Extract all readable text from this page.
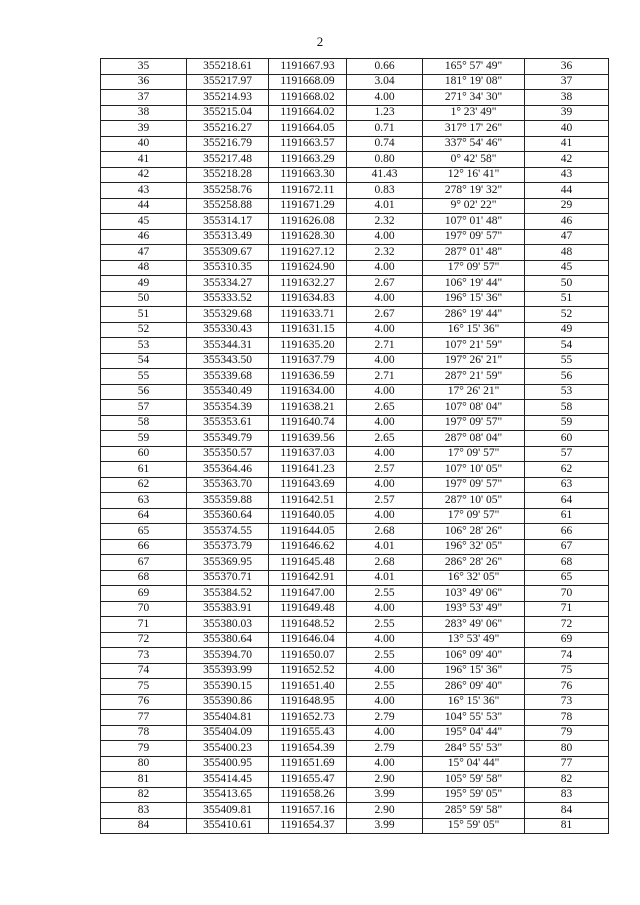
2
35	355218.61	1191667.93	0.66	165° 57' 49"	36
36	355217.97	1191668.09	3.04	181° 19' 08"	37
37	355214.93	1191668.02	4.00	271° 34' 30"	38
38	355215.04	1191664.02	1.23	1° 23' 49"	39
39	355216.27	1191664.05	0.71	317° 17' 26"	40
40	355216.79	1191663.57	0.74	337° 54' 46"	41
41	355217.48	1191663.29	0.80	0° 42' 58"	42
42	355218.28	1191663.30	41.43	12° 16' 41"	43
43	355258.76	1191672.11	0.83	278° 19' 32"	44
44	355258.88	1191671.29	4.01	9° 02' 22"	29
45	355314.17	1191626.08	2.32	107° 01' 48"	46
46	355313.49	1191628.30	4.00	197° 09' 57"	47
47	355309.67	1191627.12	2.32	287° 01' 48"	48
48	355310.35	1191624.90	4.00	17° 09' 57"	45
49	355334.27	1191632.27	2.67	106° 19' 44"	50
50	355333.52	1191634.83	4.00	196° 15' 36"	51
51	355329.68	1191633.71	2.67	286° 19' 44"	52
52	355330.43	1191631.15	4.00	16° 15' 36"	49
53	355344.31	1191635.20	2.71	107° 21' 59"	54
54	355343.50	1191637.79	4.00	197° 26' 21"	55
55	355339.68	1191636.59	2.71	287° 21' 59"	56
56	355340.49	1191634.00	4.00	17° 26' 21"	53
57	355354.39	1191638.21	2.65	107° 08' 04"	58
58	355353.61	1191640.74	4.00	197° 09' 57"	59
59	355349.79	1191639.56	2.65	287° 08' 04"	60
60	355350.57	1191637.03	4.00	17° 09' 57"	57
61	355364.46	1191641.23	2.57	107° 10' 05"	62
62	355363.70	1191643.69	4.00	197° 09' 57"	63
63	355359.88	1191642.51	2.57	287° 10' 05"	64
64	355360.64	1191640.05	4.00	17° 09' 57"	61
65	355374.55	1191644.05	2.68	106° 28' 26"	66
66	355373.79	1191646.62	4.01	196° 32' 05"	67
67	355369.95	1191645.48	2.68	286° 28' 26"	68
68	355370.71	1191642.91	4.01	16° 32' 05"	65
69	355384.52	1191647.00	2.55	103° 49' 06"	70
70	355383.91	1191649.48	4.00	193° 53' 49"	71
71	355380.03	1191648.52	2.55	283° 49' 06"	72
72	355380.64	1191646.04	4.00	13° 53' 49"	69
73	355394.70	1191650.07	2.55	106° 09' 40"	74
74	355393.99	1191652.52	4.00	196° 15' 36"	75
75	355390.15	1191651.40	2.55	286° 09' 40"	76
76	355390.86	1191648.95	4.00	16° 15' 36"	73
77	355404.81	1191652.73	2.79	104° 55' 53"	78
78	355404.09	1191655.43	4.00	195° 04' 44"	79
79	355400.23	1191654.39	2.79	284° 55' 53"	80
80	355400.95	1191651.69	4.00	15° 04' 44"	77
81	355414.45	1191655.47	2.90	105° 59' 58"	82
82	355413.65	1191658.26	3.99	195° 59' 05"	83
83	355409.81	1191657.16	2.90	285° 59' 58"	84
84	355410.61	1191654.37	3.99	15° 59' 05"	81
